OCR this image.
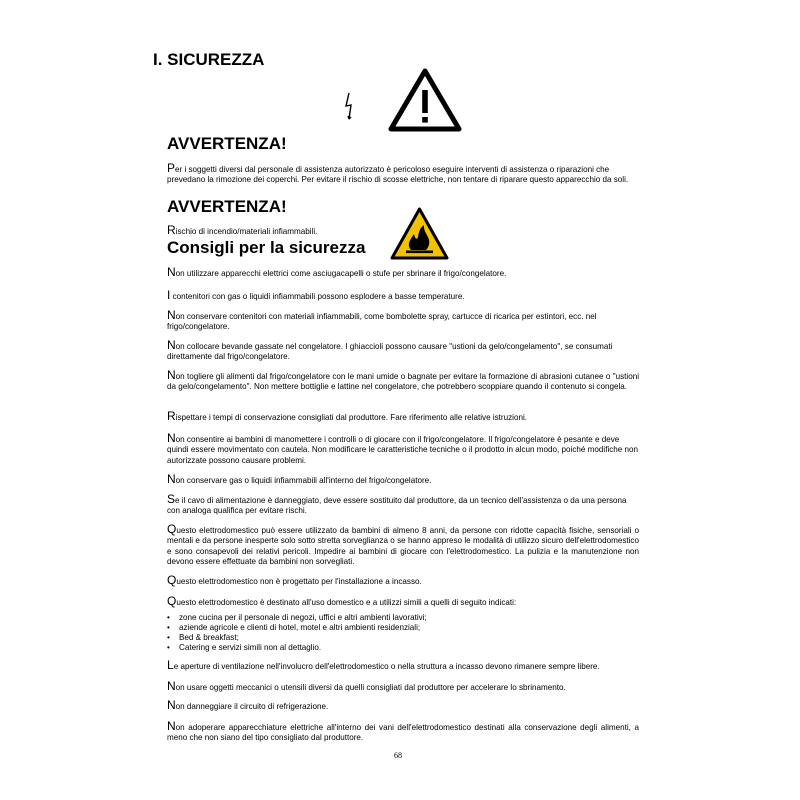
I. SICUREZZA
AVVERTENZA!

Per i soggetti diversi dal personale di assistenza autorizzato è pericoloso eseguire interventi di assistenza o riparazioni che prevedano la rimozione dei coperchi. Per evitare il rischio di scosse elettriche, non tentare di riparare questo apparecchio da soli.

AVVERTENZA!

Rischio di incendio/materiali infiammabili.

Consigli per la sicurezza

Non utilizzare apparecchi elettrici come asciugacapelli o stufe per sbrinare il frigo/congelatore.

I contenitori con gas o liquidi infiammabili possono esplodere a basse temperature.

Non conservare contenitori con materiali infiammabili, come bombolette spray, cartucce di ricarica per estintori, ecc. nel frigo/congelatore.

Non collocare bevande gassate nel congelatore. I ghiaccioli possono causare "ustioni da gelo/congelamento", se consumati direttamente dal frigo/congelatore.

Non togliere gli alimenti dal frigo/congelatore con le mani umide o bagnate per evitare la formazione di abrasioni cutanee o "ustioni da gelo/congelamento". Non mettere bottiglie e lattine nel congelatore, che potrebbero scoppiare quando il contenuto si congela.

Rispettare i tempi di conservazione consigliati dal produttore. Fare riferimento alle relative istruzioni.

Non consentire ai bambini di manomettere i controlli o di giocare con il frigo/congelatore. Il frigo/congelatore è pesante e deve quindi essere movimentato con cautela. Non modificare le caratteristiche tecniche o il prodotto in alcun modo, poiché modifiche non autorizzate possono causare problemi.

Non conservare gas o liquidi infiammabili all'interno del frigo/congelatore.

Se il cavo di alimentazione è danneggiato, deve essere sostituito dal produttore, da un tecnico dell'assistenza o da una persona con analoga qualifica per evitare rischi.

Questo elettrodomestico può essere utilizzato da bambini di almeno 8 anni, da persone con ridotte capacità fisiche, sensoriali o mentali e da persone inesperte solo sotto stretta sorveglianza o se hanno appreso le modalità di utilizzo sicuro dell'elettrodomestico e sono consapevoli dei relativi pericoli. Impedire ai bambini di giocare con l'elettrodomestico. La pulizia e la manutenzione non devono essere effettuate da bambini non sorvegliati.

Questo elettrodomestico non è progettato per l'installazione a incasso.

Questo elettrodomestico è destinato all'uso domestico e a utilizzi simili a quelli di seguito indicati:

• zone cucina per il personale di negozi, uffici e altri ambienti lavorativi;
• aziende agricole e clienti di hotel, motel e altri ambienti residenziali;
• Bed & breakfast;
• Catering e servizi simili non al dettaglio.

Le aperture di ventilazione nell'involucro dell'elettrodomestico o nella struttura a incasso devono rimanere sempre libere.

Non usare oggetti meccanici o utensili diversi da quelli consigliati dal produttore per accelerare lo sbrinamento.

Non danneggiare il circuito di refrigerazione.

Non adoperare apparecchiature elettriche all'interno dei vani dell'elettrodomestico destinati alla conservazione degli alimenti, a meno che non siano del tipo consigliato dal produttore.

68
